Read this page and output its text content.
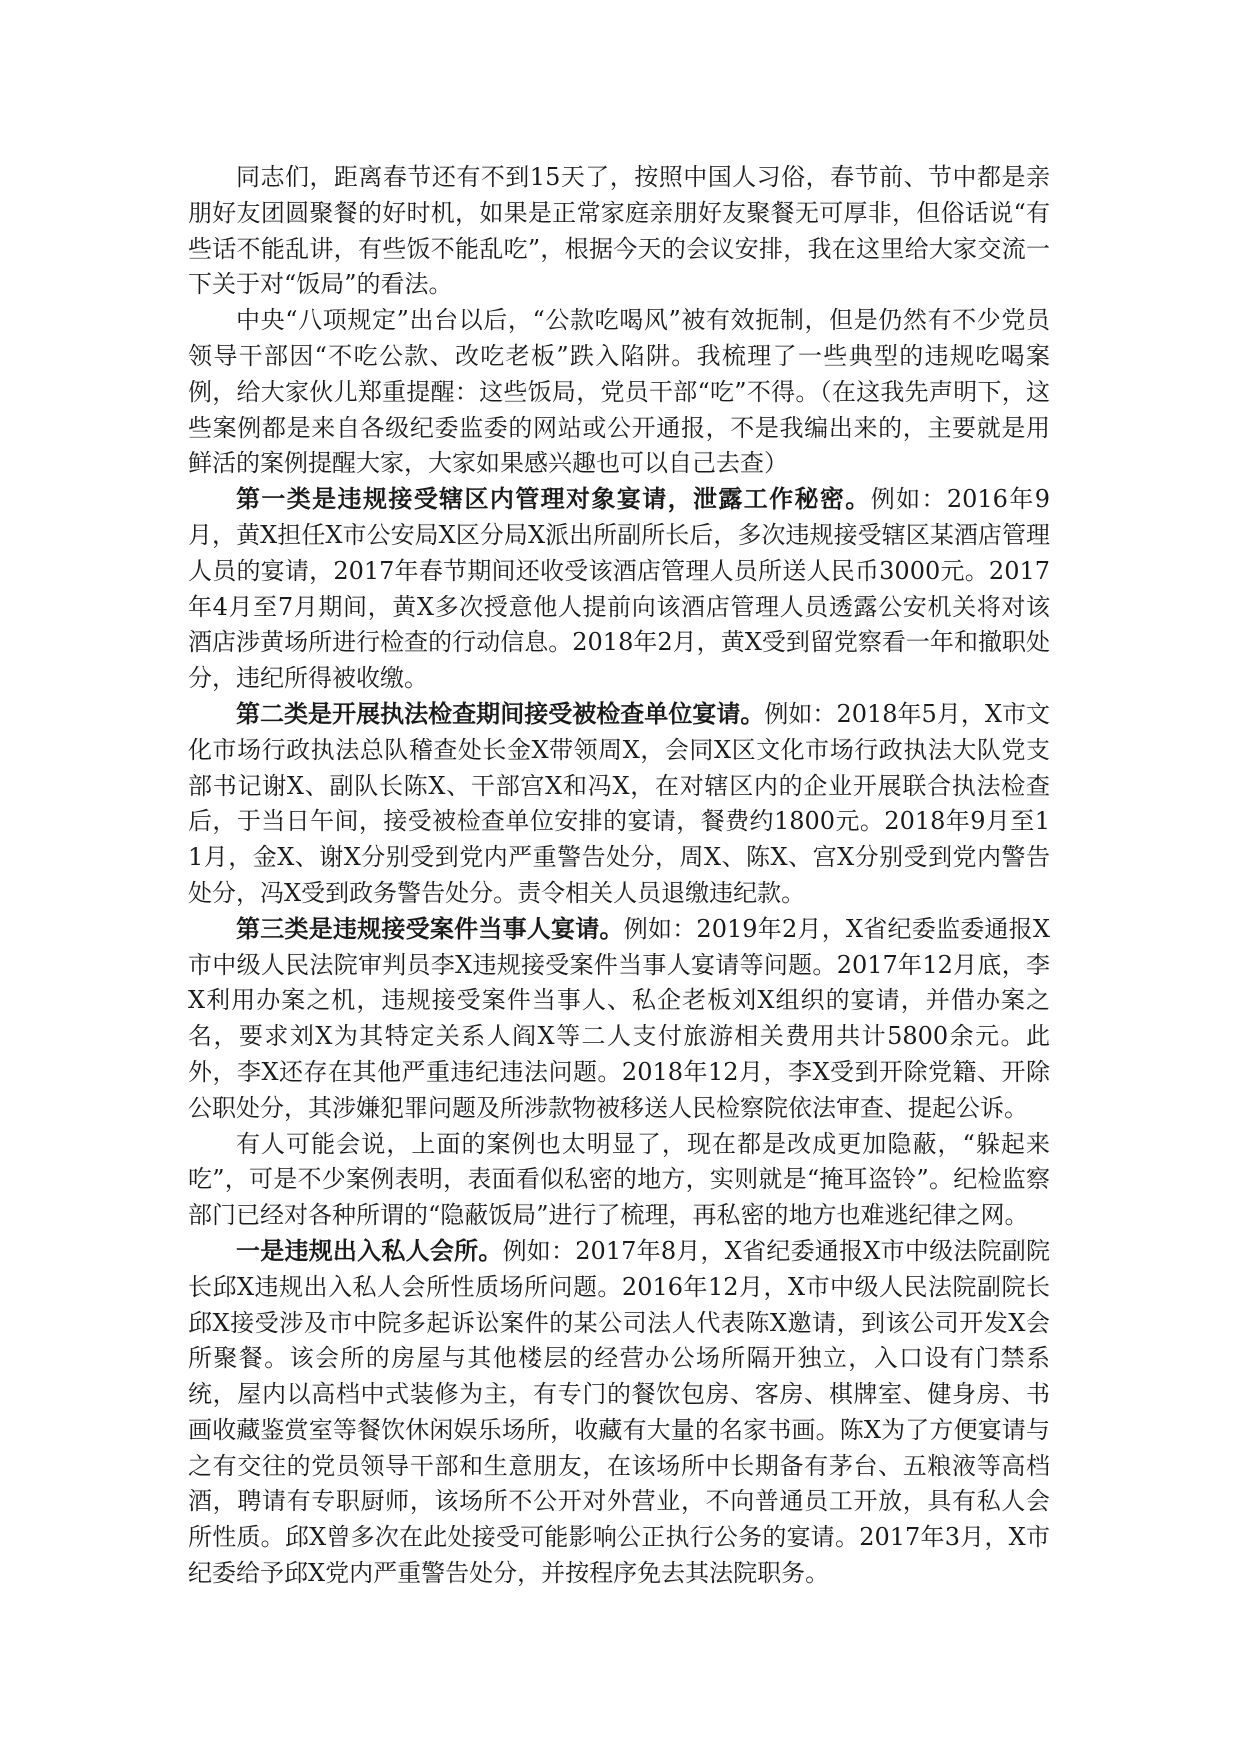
同志们，距离春节还有不到15天了，按照中国人习俗，春节前、节中都是亲朋好友团圆聚餐的好时机，如果是正常家庭亲朋好友聚餐无可厚非，但俗话说“有些话不能乱讲，有些饭不能乱吃”，根据今天的会议安排，我在这里给大家交流一下关于对“饭局”的看法。

中央“八项规定”出台以后，“公款吃喝风”被有效扼制，但是仍然有不少党员领导干部因“不吃公款、改吃老板”跌入陷阱。我梳理了一些典型的违规吃喝案例，给大家伙儿郑重提醒：这些饭局，党员干部“吃”不得。（在这我先声明下，这些案例都是来自各级纪委监委的网站或公开通报，不是我编出来的，主要就是用鲜活的案例提醒大家，大家如果感兴趣也可以自己去查）

第一类是违规接受辖区内管理对象宴请，泄露工作秘密。例如：2016年9月，黄X担任X市公安局X区分局X派出所副所长后，多次违规接受辖区某酒店管理人员的宴请，2017年春节期间还收受该酒店管理人员所送人民币3000元。2017年4月至7月期间，黄X多次授意他人提前向该酒店管理人员透露公安机关将对该酒店涉黄场所进行检查的行动信息。2018年2月，黄X受到留党察看一年和撤职处分，违纪所得被收缴。

第二类是开展执法检查期间接受被检查单位宴请。例如：2018年5月，X市文化市场行政执法总队稽查处长金X带领周X，会同X区文化市场行政执法大队党支部书记谢X、副队长陈X、干部宫X和冯X，在对辖区内的企业开展联合执法检查后，于当日午间，接受被检查单位安排的宴请，餐费约1800元。2018年9月至11月，金X、谢X分别受到党内严重警告处分，周X、陈X、宫X分别受到党内警告处分，冯X受到政务警告处分。责令相关人员退缴违纪款。

第三类是违规接受案件当事人宴请。例如：2019年2月，X省纪委监委通报X市中级人民法院审判员李X违规接受案件当事人宴请等问题。2017年12月底，李X利用办案之机，违规接受案件当事人、私企老板刘X组织的宴请，并借办案之名，要求刘X为其特定关系人阎X等二人支付旅游相关费用共计5800余元。此外，李X还存在其他严重违纪违法问题。2018年12月，李X受到开除党籍、开除公职处分，其涉嫌犯罪问题及所涉款物被移送人民检察院依法审查、提起公诉。

有人可能会说，上面的案例也太明显了，现在都是改成更加隐蔽，“躲起来吃”，可是不少案例表明，表面看似私密的地方，实则就是“掩耳盗铃”。纪检监察部门已经对各种所谓的“隐蔽饭局”进行了梳理，再私密的地方也难逃纪律之网。

一是违规出入私人会所。例如：2017年8月，X省纪委通报X市中级法院副院长邱X违规出入私人会所性质场所问题。2016年12月，X市中级人民法院副院长邱X接受涉及市中院多起诉讼案件的某公司法人代表陈X邀请，到该公司开发X会所聚餐。该会所的房屋与其他楼层的经营办公场所隔开独立，入口设有门禁系统，屋内以高档中式装修为主，有专门的餐饮包房、客房、棋牌室、健身房、书画收藏鉴赏室等餐饮休闲娱乐场所，收藏有大量的名家书画。陈X为了方便宴请与之有交往的党员领导干部和生意朋友，在该场所中长期备有茅台、五粮液等高档酒，聘请有专职厨师，该场所不公开对外营业，不向普通员工开放，具有私人会所性质。邱X曾多次在此处接受可能影响公正执行公务的宴请。2017年3月，X市纪委给予邱X党内严重警告处分，并按程序免去其法院职务。
